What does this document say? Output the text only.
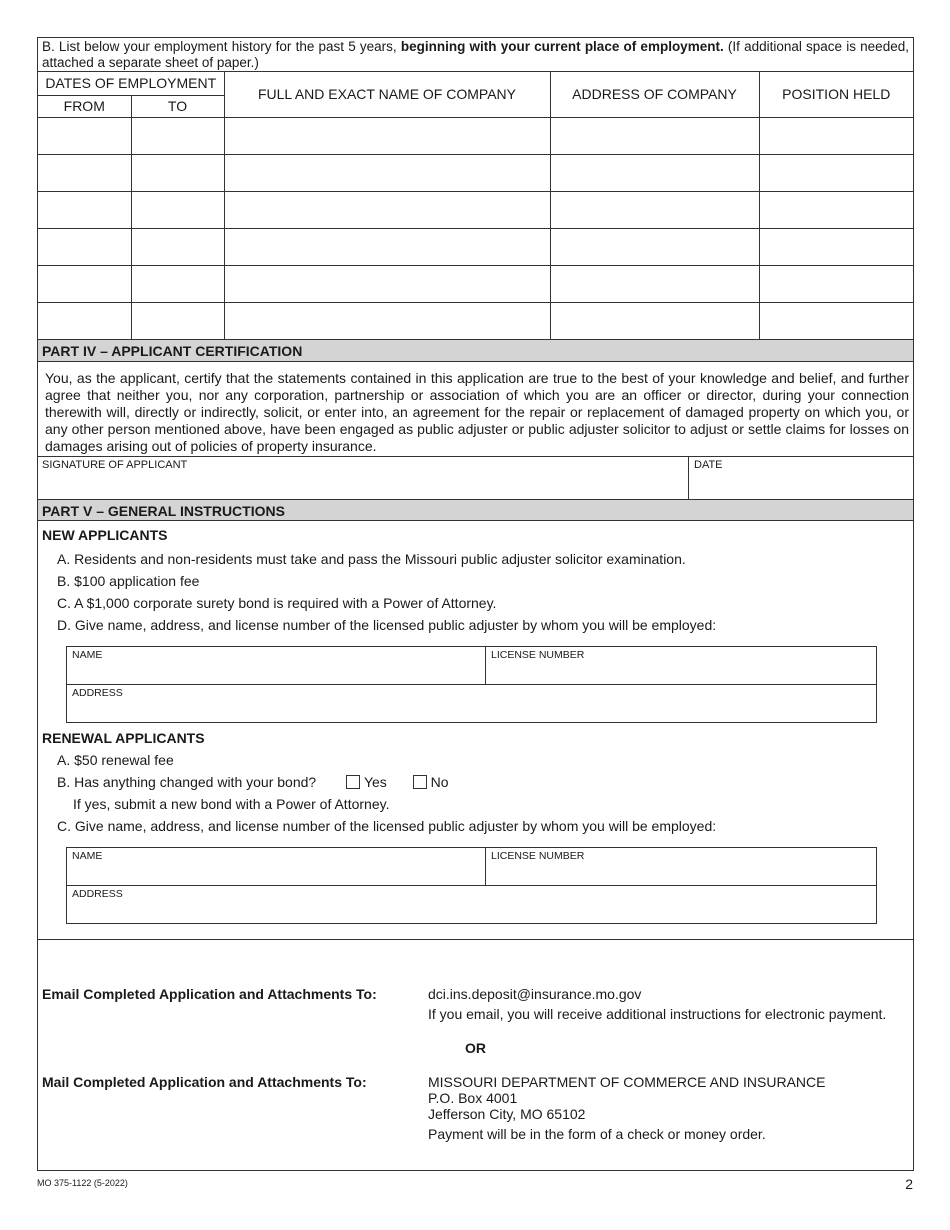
B. List below your employment history for the past 5 years, beginning with your current place of employment. (If additional space is needed, attached a separate sheet of paper.)
DATES OF EMPLOYMENT		FULL AND EXACT NAME OF COMPANY	ADDRESS OF COMPANY	POSITION HELD
FROM	TO			

PART IV – APPLICANT CERTIFICATION
You, as the applicant, certify that the statements contained in this application are true to the best of your knowledge and belief, and further agree that neither you, nor any corporation, partnership or association of which you are an officer or director, during your connection therewith will, directly or indirectly, solicit, or enter into, an agreement for the repair or replacement of damaged property on which you, or any other person mentioned above, have been engaged as public adjuster or public adjuster solicitor to adjust or settle claims for losses on damages arising out of policies of property insurance.
SIGNATURE OF APPLICANT	DATE
PART V – GENERAL INSTRUCTIONS
NEW APPLICANTS
A. Residents and non-residents must take and pass the Missouri public adjuster solicitor examination.
B. $100 application fee
C. A $1,000 corporate surety bond is required with a Power of Attorney.
D. Give name, address, and license number of the licensed public adjuster by whom you will be employed:
NAME	LICENSE NUMBER
ADDRESS
RENEWAL APPLICANTS
A. $50 renewal fee
B. Has anything changed with your bond?	Yes	No
If yes, submit a new bond with a Power of Attorney.
C. Give name, address, and license number of the licensed public adjuster by whom you will be employed:
NAME	LICENSE NUMBER
ADDRESS
Email Completed Application and Attachments To:	dci.ins.deposit@insurance.mo.gov
If you email, you will receive additional instructions for electronic payment.
OR
Mail Completed Application and Attachments To:	MISSOURI DEPARTMENT OF COMMERCE AND INSURANCE
P.O. Box 4001
Jefferson City, MO 65102
Payment will be in the form of a check or money order.
MO 375-1122 (5-2022)	2
